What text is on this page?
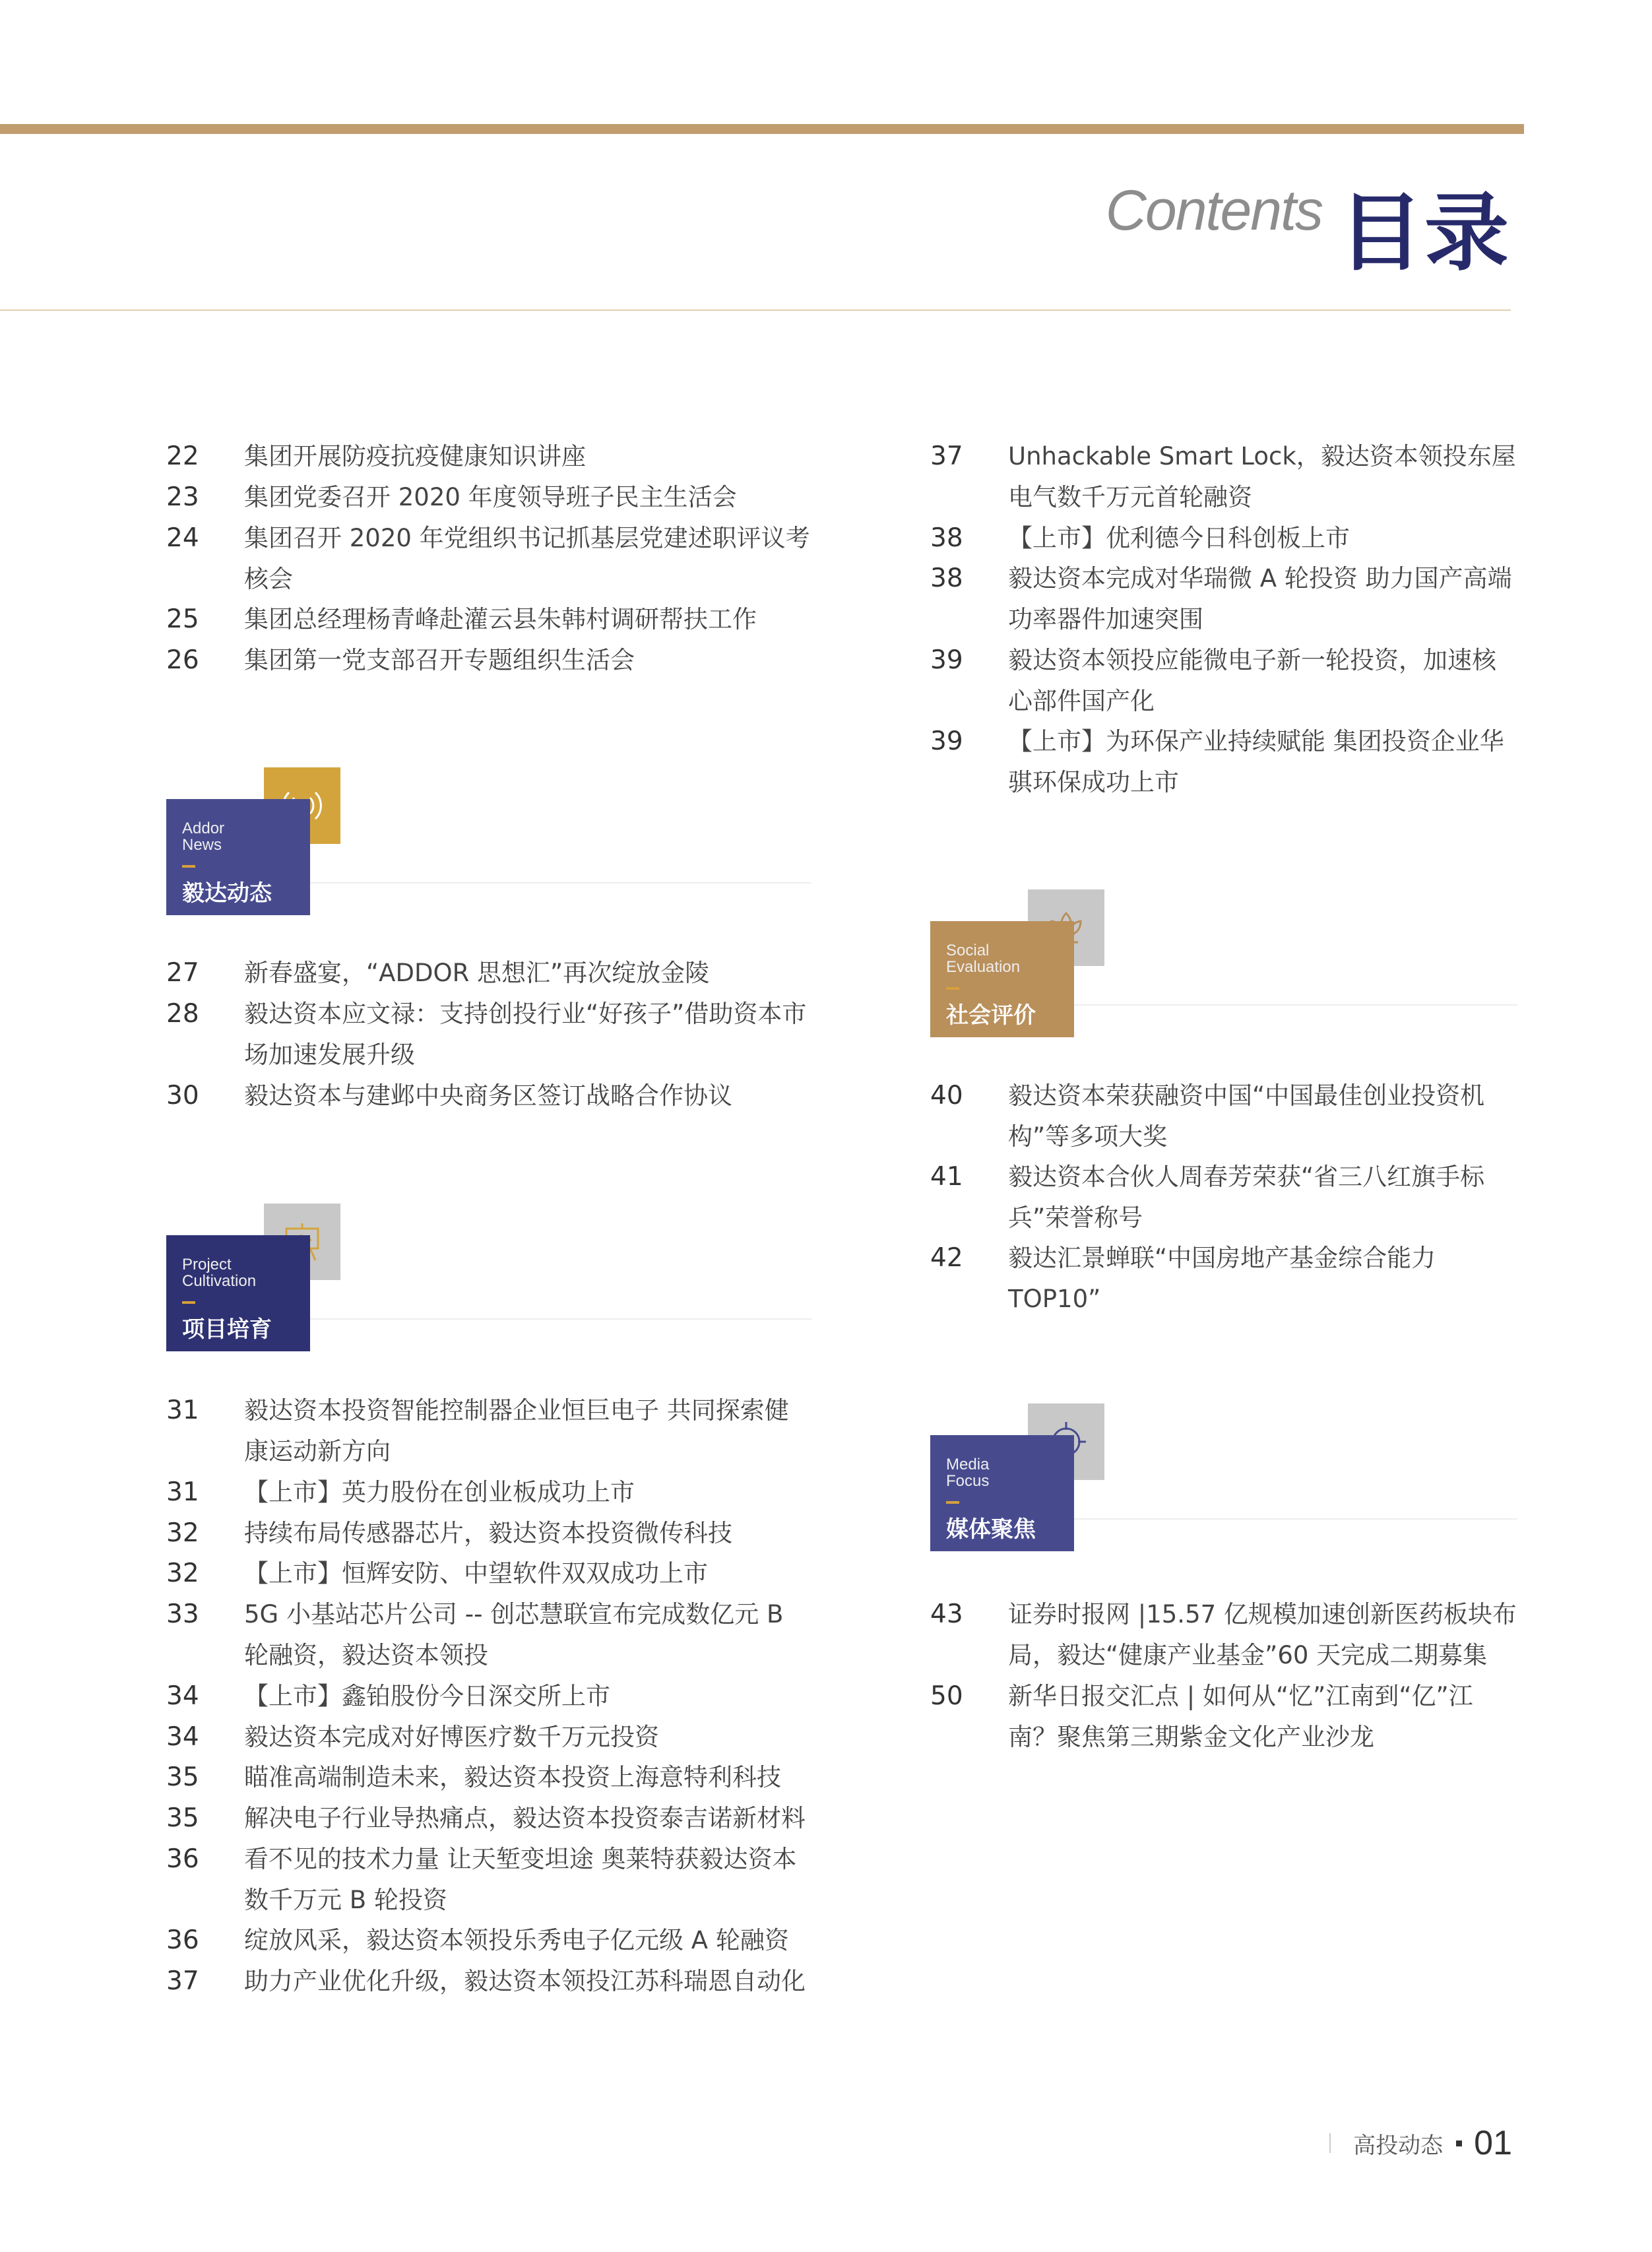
Contents 目录
22	集团开展防疫抗疫健康知识讲座
23	集团党委召开 2020 年度领导班子民主生活会
24	集团召开 2020 年党组织书记抓基层党建述职评议考核会
25	集团总经理杨青峰赴灌云县朱韩村调研帮扶工作
26	集团第一党支部召开专题组织生活会
Addor
News
毅达动态
27	新春盛宴，“ADDOR 思想汇”再次绽放金陵
28	毅达资本应文禄：支持创投行业“好孩子”借助资本市场加速发展升级
30	毅达资本与建邺中央商务区签订战略合作协议
Project
Cultivation
项目培育
31	毅达资本投资智能控制器企业恒巨电子 共同探索健康运动新方向
31	【上市】英力股份在创业板成功上市
32	持续布局传感器芯片，毅达资本投资微传科技
32	【上市】恒辉安防、中望软件双双成功上市
33	5G 小基站芯片公司 -- 创芯慧联宣布完成数亿元 B 轮融资，毅达资本领投
34	【上市】鑫铂股份今日深交所上市
34	毅达资本完成对好博医疗数千万元投资
35	瞄准高端制造未来，毅达资本投资上海意特利科技
35	解决电子行业导热痛点，毅达资本投资泰吉诺新材料
36	看不见的技术力量 让天堑变坦途 奥莱特获毅达资本数千万元 B 轮投资
36	绽放风采，毅达资本领投乐秀电子亿元级 A 轮融资
37	助力产业优化升级，毅达资本领投江苏科瑞恩自动化
37	Unhackable Smart Lock，毅达资本领投东屋电气数千万元首轮融资
38	【上市】优利德今日科创板上市
38	毅达资本完成对华瑞微 A 轮投资 助力国产高端功率器件加速突围
39	毅达资本领投应能微电子新一轮投资，加速核心部件国产化
39	【上市】为环保产业持续赋能 集团投资企业华骐环保成功上市
Social
Evaluation
社会评价
40	毅达资本荣获融资中国“中国最佳创业投资机构”等多项大奖
41	毅达资本合伙人周春芳荣获“省三八红旗手标兵”荣誉称号
42	毅达汇景蝉联“中国房地产基金综合能力TOP10”
Media
Focus
媒体聚焦
43	证券时报网 |15.57 亿规模加速创新医药板块布局，毅达“健康产业基金”60 天完成二期募集
50	新华日报交汇点 | 如何从“忆”江南到“亿”江南？聚焦第三期紫金文化产业沙龙
高投动态 01
